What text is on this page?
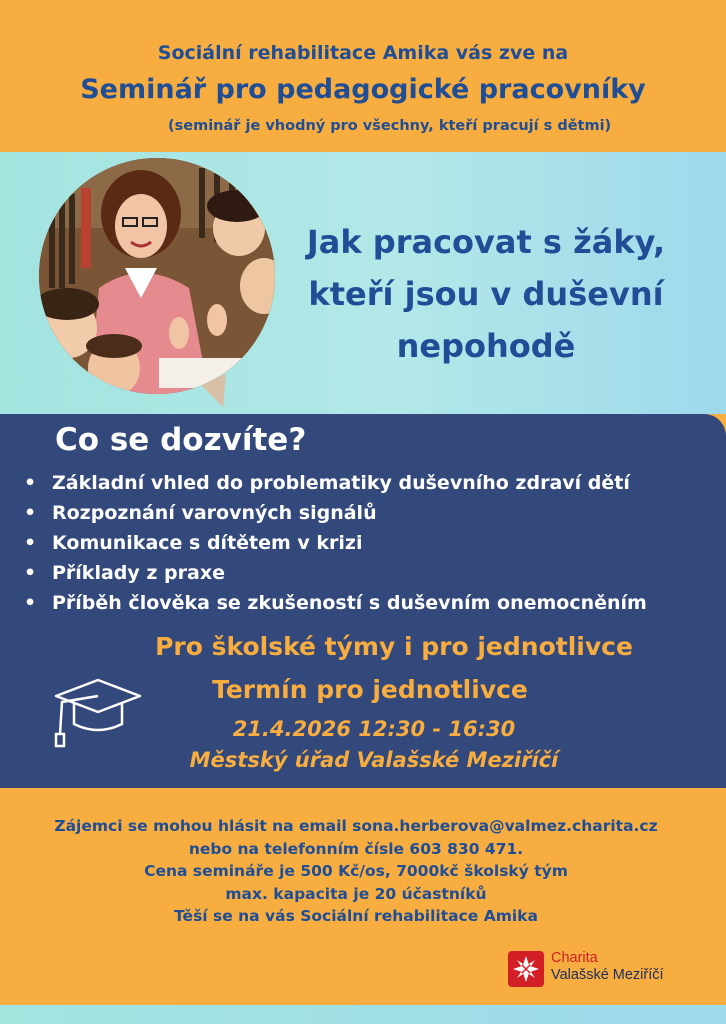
Sociální rehabilitace Amika vás zve na
Seminář pro pedagogické pracovníky
(seminář je vhodný pro všechny, kteří pracují s dětmi)
Jak pracovat s žáky,
kteří jsou v duševní
nepohodě
Co se dozvíte?
• Základní vhled do problematiky duševního zdraví dětí
• Rozpoznání varovných signálů
• Komunikace s dítětem v krizi
• Příklady z praxe
• Příběh člověka se zkušeností s duševním onemocněním
Pro školské týmy i pro jednotlivce
Termín pro jednotlivce
21.4.2026 12:30 - 16:30
Městský úřad Valašské Meziříčí
Zájemci se mohou hlásit na email sona.herberova@valmez.charita.cz
nebo na telefonním čísle 603 830 471.
Cena semináře je 500 Kč/os, 7000kč školský tým
max. kapacita je 20 účastníků
Těší se na vás Sociální rehabilitace Amika
Charita
Valašské Meziříčí
